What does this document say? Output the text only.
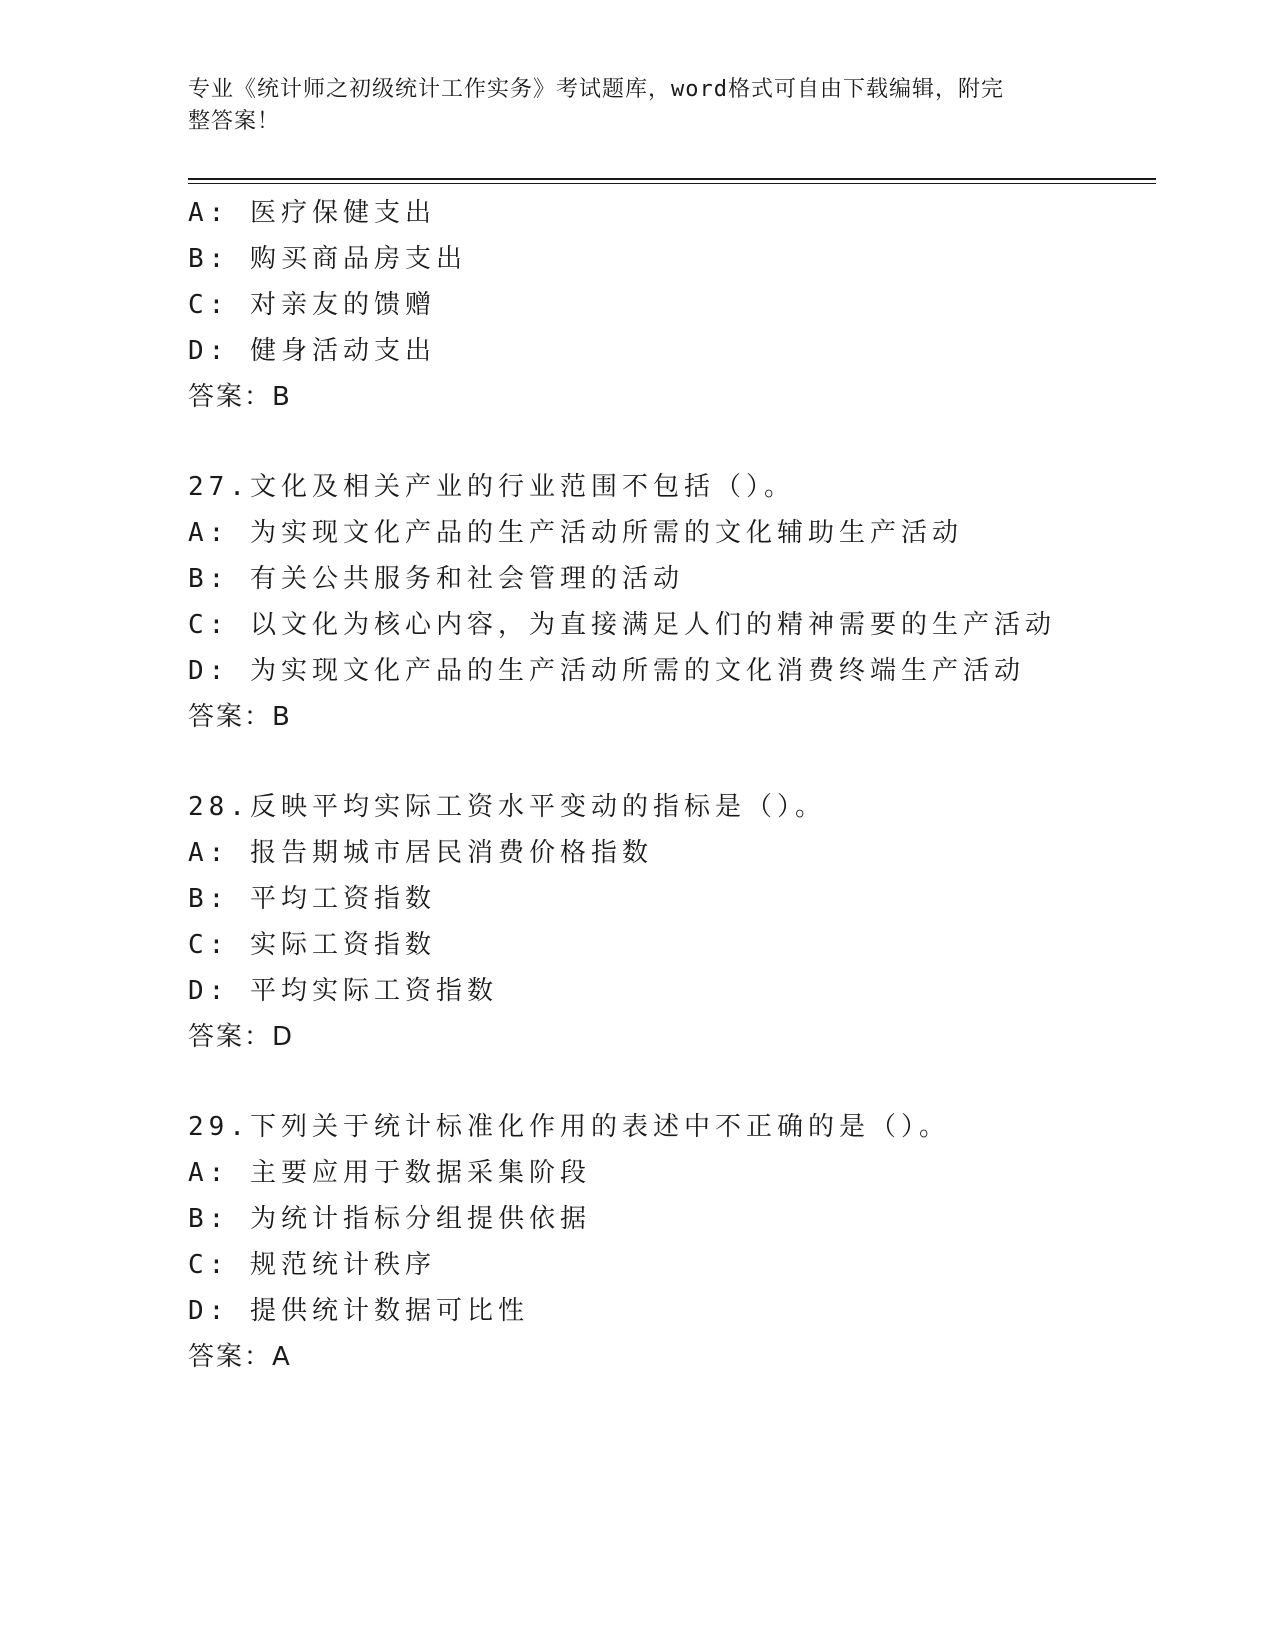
专业《统计师之初级统计工作实务》考试题库，word格式可自由下载编辑，附完
整答案！
A: 医疗保健支出
B: 购买商品房支出
C: 对亲友的馈赠
D: 健身活动支出
答案：B
27.文化及相关产业的行业范围不包括（）。
A: 为实现文化产品的生产活动所需的文化辅助生产活动
B: 有关公共服务和社会管理的活动
C: 以文化为核心内容，为直接满足人们的精神需要的生产活动
D: 为实现文化产品的生产活动所需的文化消费终端生产活动
答案：B
28.反映平均实际工资水平变动的指标是（）。
A: 报告期城市居民消费价格指数
B: 平均工资指数
C: 实际工资指数
D: 平均实际工资指数
答案：D
29.下列关于统计标准化作用的表述中不正确的是（）。
A: 主要应用于数据采集阶段
B: 为统计指标分组提供依据
C: 规范统计秩序
D: 提供统计数据可比性
答案：A
